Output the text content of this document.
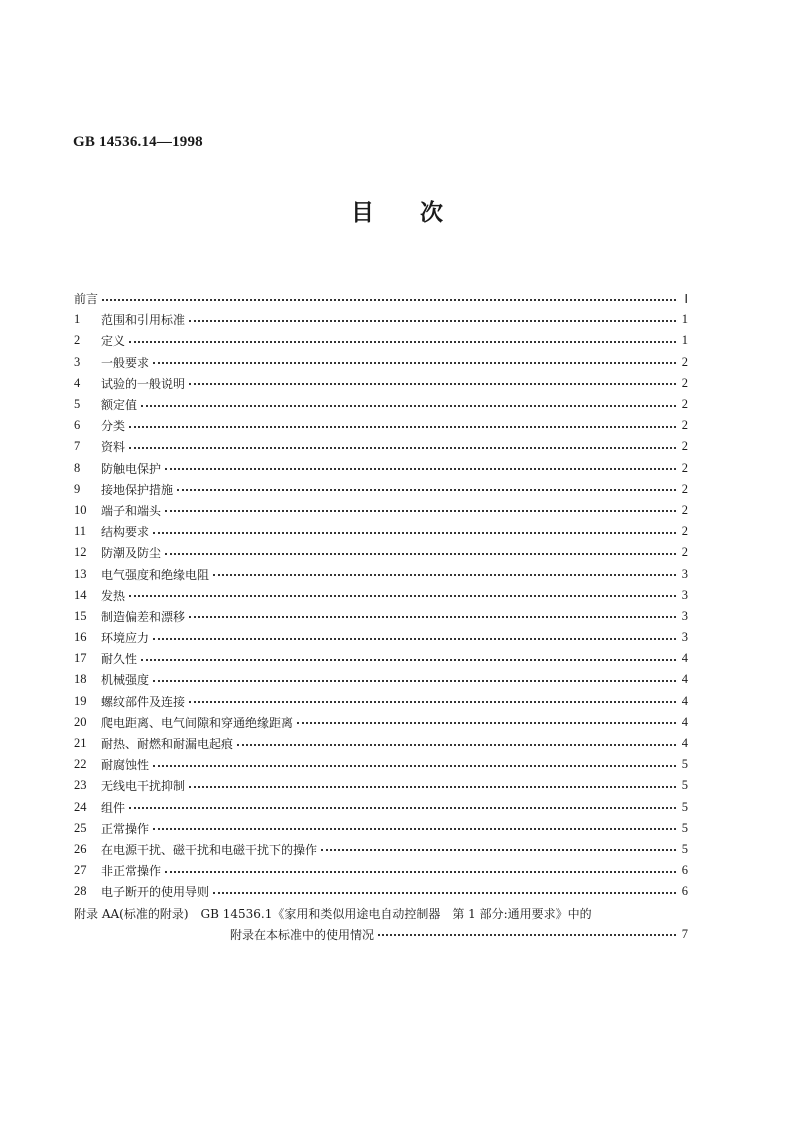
GB 14536.14—1998
目　　次
前言	Ⅰ
1	范围和引用标准	1
2	定义	1
3	一般要求	2
4	试验的一般说明	2
5	额定值	2
6	分类	2
7	资料	2
8	防触电保护	2
9	接地保护措施	2
10	端子和端头	2
11	结构要求	2
12	防潮及防尘	2
13	电气强度和绝缘电阻	3
14	发热	3
15	制造偏差和漂移	3
16	环境应力	3
17	耐久性	4
18	机械强度	4
19	螺纹部件及连接	4
20	爬电距离、电气间隙和穿通绝缘距离	4
21	耐热、耐燃和耐漏电起痕	4
22	耐腐蚀性	5
23	无线电干扰抑制	5
24	组件	5
25	正常操作	5
26	在电源干扰、磁干扰和电磁干扰下的操作	5
27	非正常操作	6
28	电子断开的使用导则	6
附录 AA(标准的附录)　GB 14536.1《家用和类似用途电自动控制器　第 1 部分:通用要求》中的
附录在本标准中的使用情况	7
